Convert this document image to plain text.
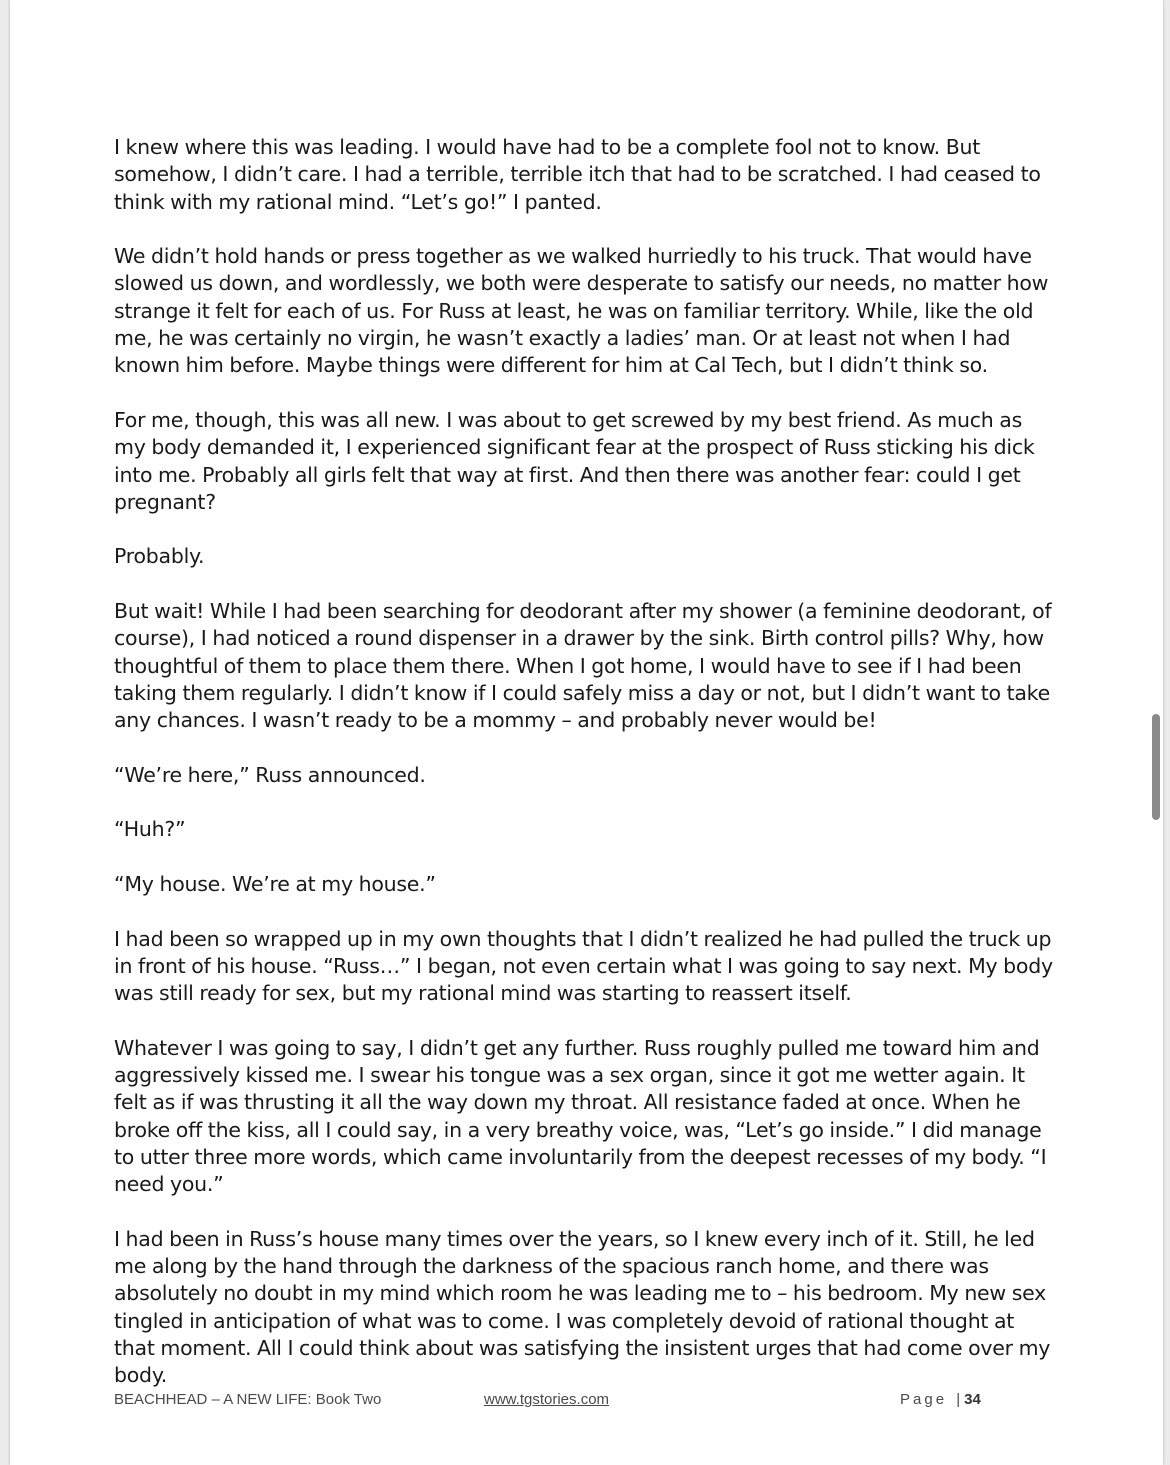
I knew where this was leading. I would have had to be a complete fool not to know. But somehow, I didn’t care. I had a terrible, terrible itch that had to be scratched. I had ceased to think with my rational mind. “Let’s go!” I panted.

We didn’t hold hands or press together as we walked hurriedly to his truck. That would have slowed us down, and wordlessly, we both were desperate to satisfy our needs, no matter how strange it felt for each of us. For Russ at least, he was on familiar territory. While, like the old me, he was certainly no virgin, he wasn’t exactly a ladies’ man. Or at least not when I had known him before. Maybe things were different for him at Cal Tech, but I didn’t think so.

For me, though, this was all new. I was about to get screwed by my best friend. As much as my body demanded it, I experienced significant fear at the prospect of Russ sticking his dick into me. Probably all girls felt that way at first. And then there was another fear: could I get pregnant?

Probably.

But wait! While I had been searching for deodorant after my shower (a feminine deodorant, of course), I had noticed a round dispenser in a drawer by the sink. Birth control pills? Why, how thoughtful of them to place them there. When I got home, I would have to see if I had been taking them regularly. I didn’t know if I could safely miss a day or not, but I didn’t want to take any chances. I wasn’t ready to be a mommy – and probably never would be!

“We’re here,” Russ announced.

“Huh?”

“My house. We’re at my house.”

I had been so wrapped up in my own thoughts that I didn’t realized he had pulled the truck up in front of his house. “Russ…” I began, not even certain what I was going to say next. My body was still ready for sex, but my rational mind was starting to reassert itself.

Whatever I was going to say, I didn’t get any further. Russ roughly pulled me toward him and aggressively kissed me. I swear his tongue was a sex organ, since it got me wetter again. It felt as if was thrusting it all the way down my throat. All resistance faded at once. When he broke off the kiss, all I could say, in a very breathy voice, was, “Let’s go inside.” I did manage to utter three more words, which came involuntarily from the deepest recesses of my body. “I need you.”

I had been in Russ’s house many times over the years, so I knew every inch of it. Still, he led me along by the hand through the darkness of the spacious ranch home, and there was absolutely no doubt in my mind which room he was leading me to – his bedroom. My new sex tingled in anticipation of what was to come. I was completely devoid of rational thought at that moment. All I could think about was satisfying the insistent urges that had come over my body.

BEACHHEAD – A NEW LIFE: Book Two	www.tgstories.com	Page | 34
